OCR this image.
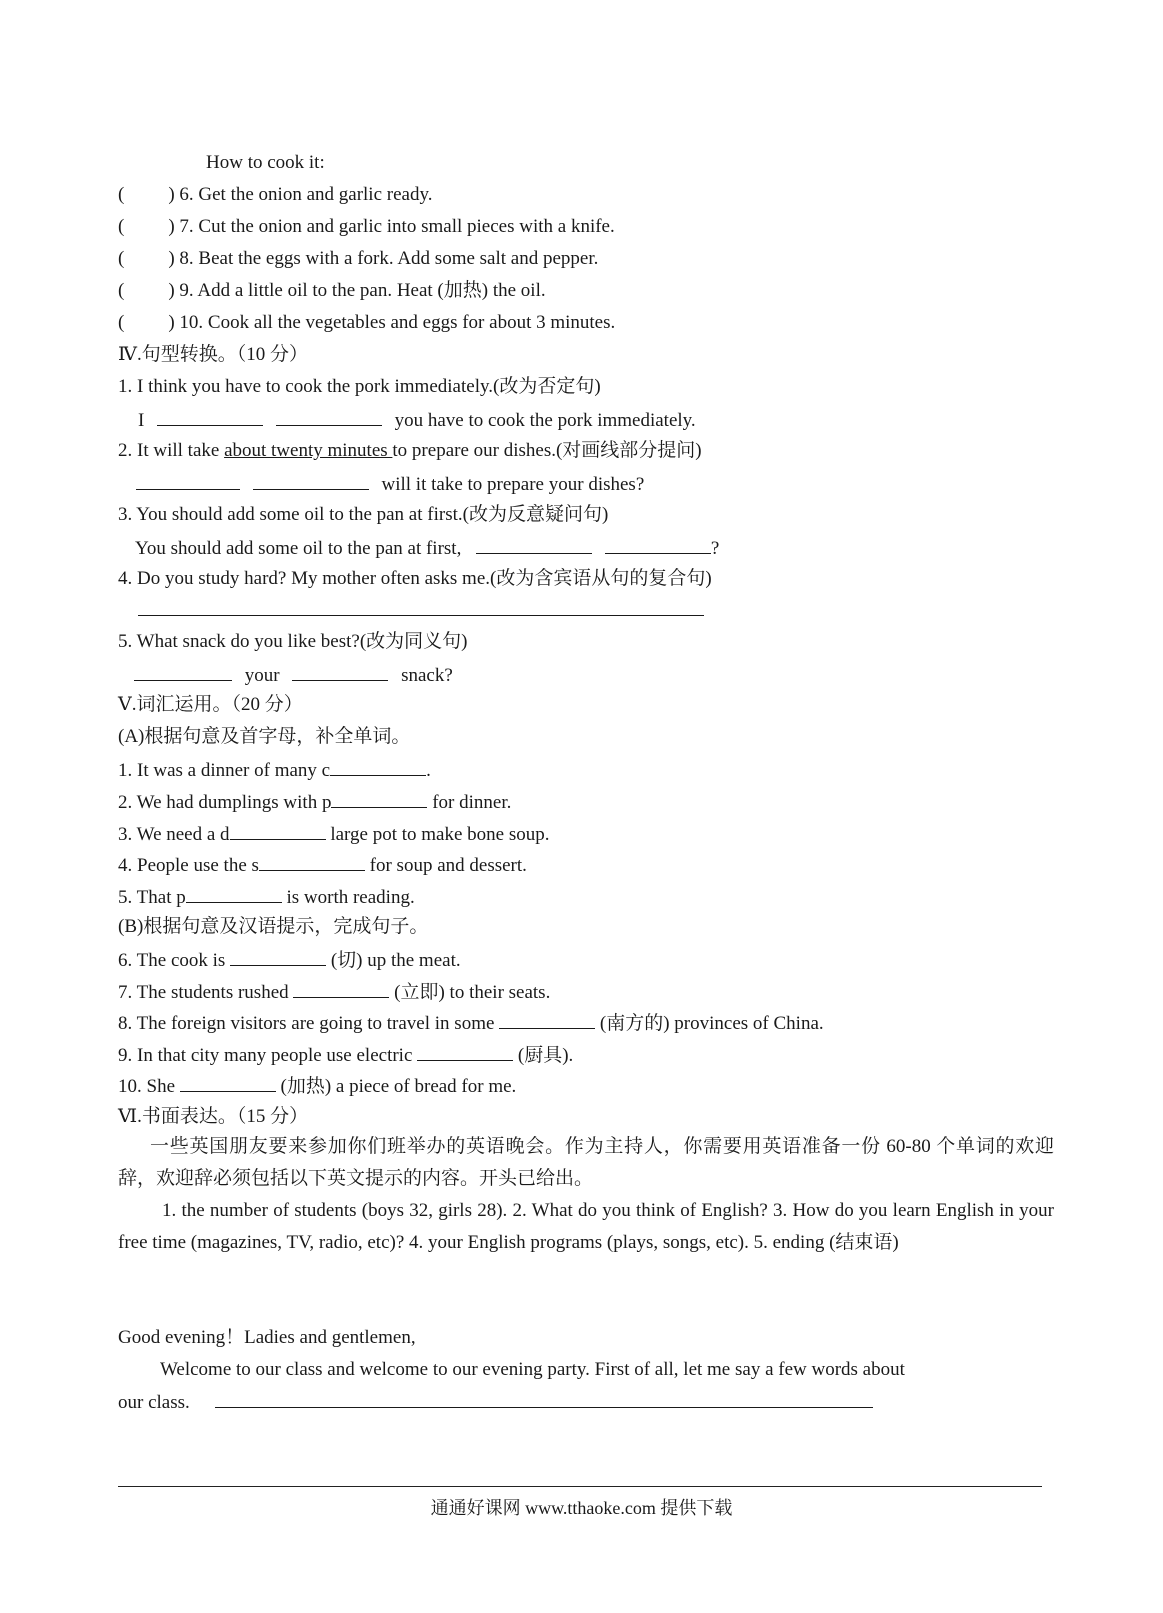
How to cook it:
( ) 6. Get the onion and garlic ready.
( ) 7. Cut the onion and garlic into small pieces with a knife.
( ) 8. Beat the eggs with a fork. Add some salt and pepper.
( ) 9. Add a little oil to the pan. Heat (加热) the oil.
( ) 10. Cook all the vegetables and eggs for about 3 minutes.
Ⅳ.句型转换。（10 分）
1. I think you have to cook the pork immediately.(改为否定句)
I	you have to cook the pork immediately.
2. It will take about twenty minutes to prepare our dishes.(对画线部分提问)
will it take to prepare your dishes?
3. You should add some oil to the pan at first.(改为反意疑问句)
You should add some oil to the pan at first,	?
4. Do you study hard? My mother often asks me.(改为含宾语从句的复合句)
5. What snack do you like best?(改为同义句)
your	snack?
Ⅴ.词汇运用。（20 分）
(A)根据句意及首字母，补全单词。
1. It was a dinner of many c	.
2. We had dumplings with p	for dinner.
3. We need a d	large pot to make bone soup.
4. People use the s	for soup and dessert.
5. That p	is worth reading.
(B)根据句意及汉语提示，完成句子。
6. The cook is	(切) up the meat.
7. The students rushed	(立即) to their seats.
8. The foreign visitors are going to travel in some	(南方的) provinces of China.
9. In that city many people use electric	(厨具).
10. She	(加热) a piece of bread for me.
Ⅵ.书面表达。（15 分）
一些英国朋友要来参加你们班举办的英语晚会。作为主持人，你需要用英语准备一份 60-80 个单词的欢迎辞，欢迎辞必须包括以下英文提示的内容。开头已给出。
1. the number of students (boys 32, girls 28). 2. What do you think of English? 3. How do you learn English in your free time (magazines, TV, radio, etc)? 4. your English programs (plays, songs, etc). 5. ending (结束语)
Good evening！Ladies and gentlemen,
Welcome to our class and welcome to our evening party. First of all, let me say a few words about
our class.
通通好课网 www.tthaoke.com 提供下载
